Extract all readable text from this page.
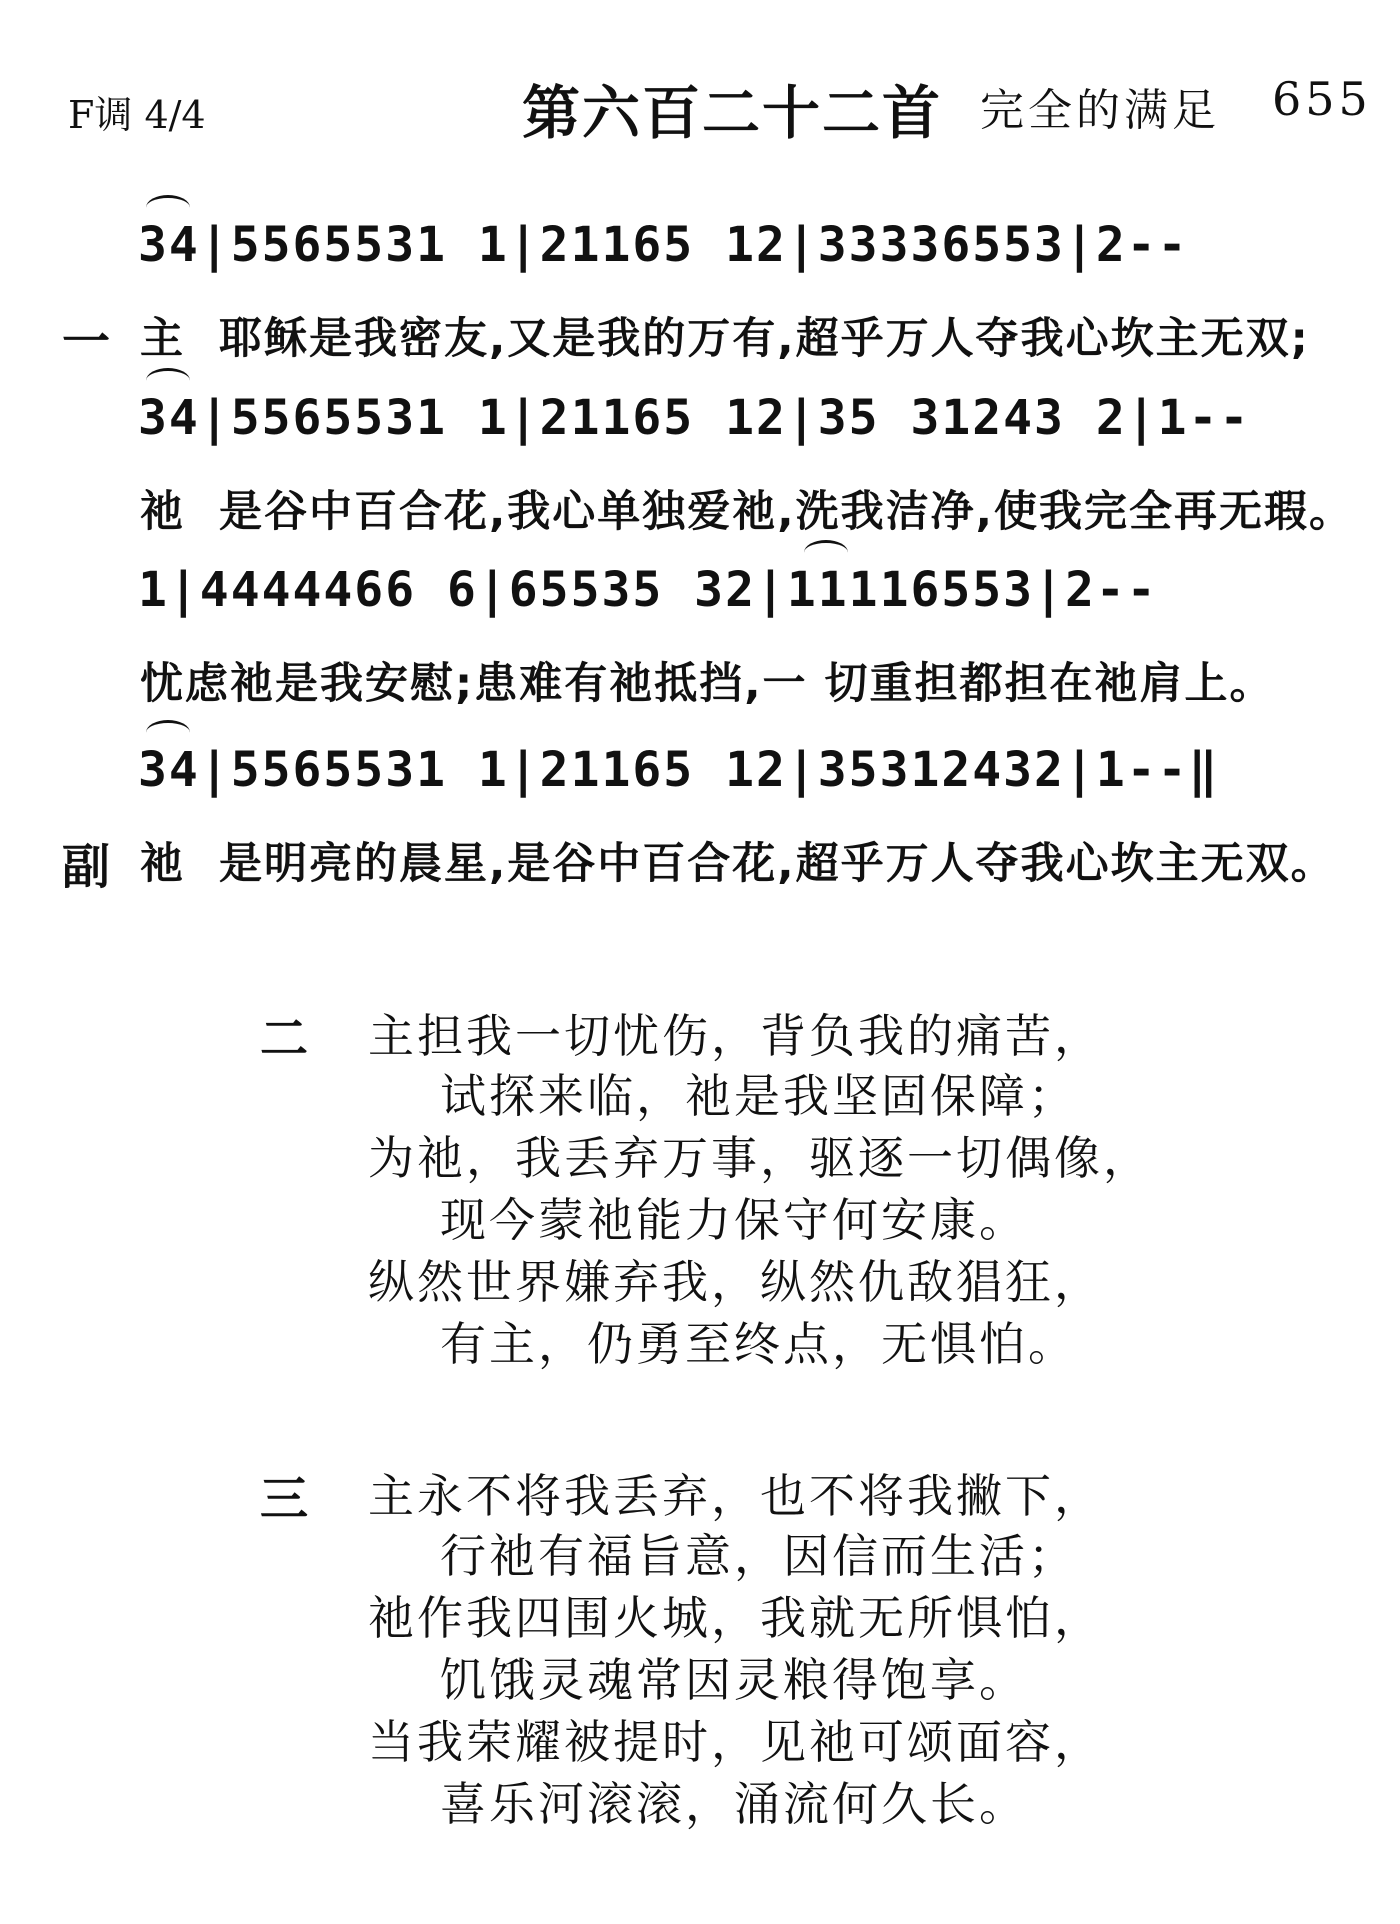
F调 4/4	第六百二十二首 完全的满足 655
34|5565531 1|21165 12|33336553|2--
一 主  耶稣是我密友,又是我的万有,超乎万人夺我心坎主无双;
34|5565531 1|21165 12|35 31243 2|1--
祂  是谷中百合花,我心单独爱祂,洗我洁净,使我完全再无瑕。
1|4444466 6|65535 32|11116553|2--
忧虑祂是我安慰;患难有祂抵挡,一 切重担都担在祂肩上。
34|5565531 1|21165 12|35312432|1--‖
副 祂  是明亮的晨星,是谷中百合花,超乎万人夺我心坎主无双。
二 主担我一切忧伤，背负我的痛苦，
试探来临，祂是我坚固保障；
为祂，我丢弃万事，驱逐一切偶像，
现今蒙祂能力保守何安康。
纵然世界嫌弃我，纵然仇敌猖狂，
有主，仍勇至终点，无惧怕。
三 主永不将我丢弃，也不将我撇下，
行祂有福旨意，因信而生活；
祂作我四围火城，我就无所惧怕，
饥饿灵魂常因灵粮得饱享。
当我荣耀被提时，见祂可颂面容，
喜乐河滚滚，涌流何久长。
